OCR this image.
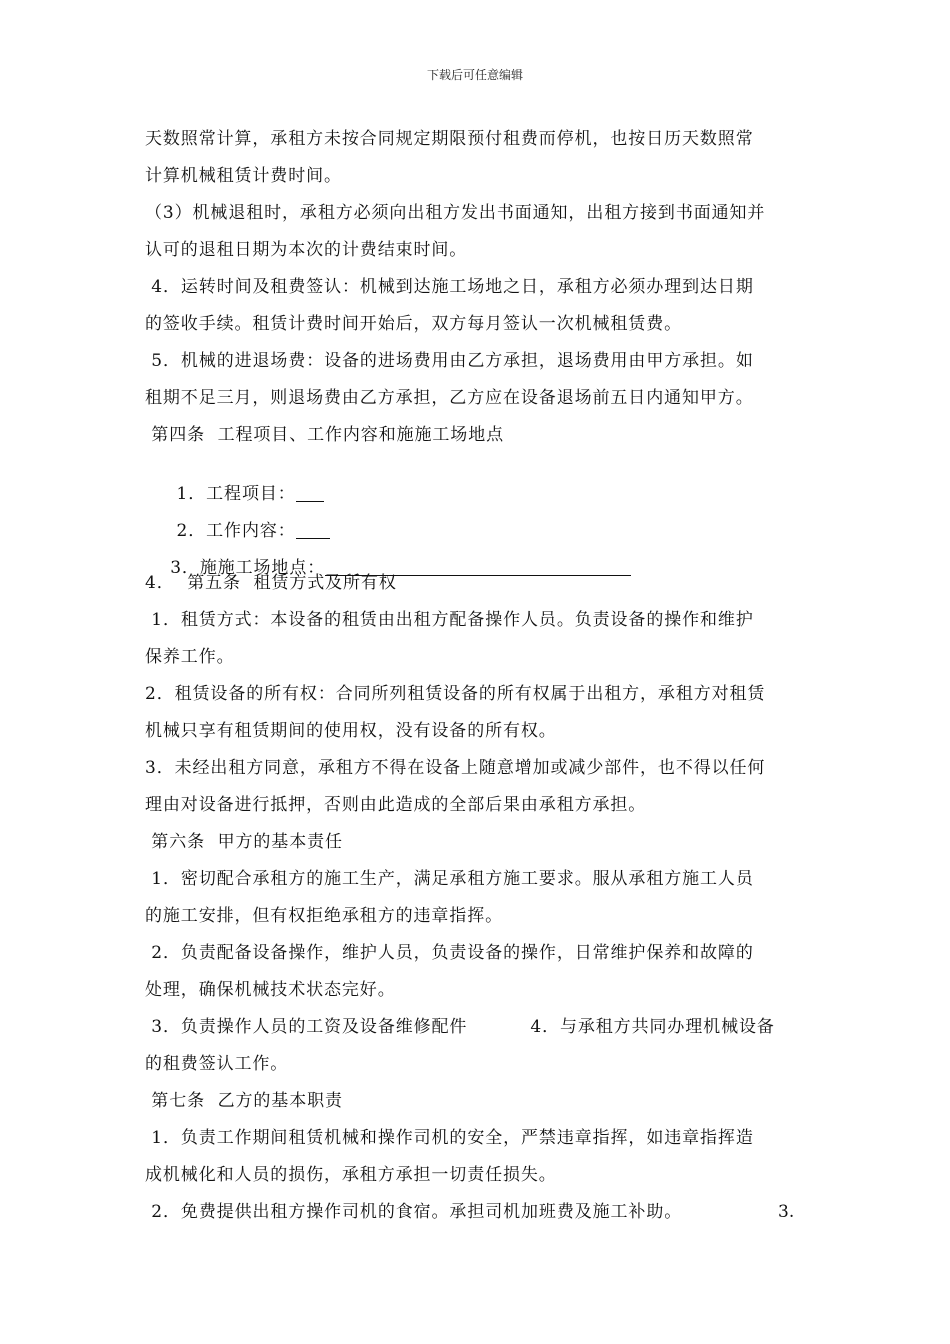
下载后可任意编辑
天数照常计算，承租方未按合同规定期限预付租费而停机，也按日历天数照常
计算机械租赁计费时间。
（3）机械退租时，承租方必须向出租方发出书面通知，出租方接到书面通知并
认可的退租日期为本次的计费结束时间。
4．运转时间及租费签认：机械到达施工场地之日，承租方必须办理到达日期
的签收手续。租赁计费时间开始后，双方每月签认一次机械租赁费。
5．机械的进退场费：设备的进场费用由乙方承担，退场费用由甲方承担。如
租期不足三月，则退场费由乙方承担，乙方应在设备退场前五日内通知甲方。
第四条  工程项目、工作内容和施施工场地点

1．工程项目：

2．工作内容：

3．施施工场地点：

4．  第五条  租赁方式及所有权
1．租赁方式：本设备的租赁由出租方配备操作人员。负责设备的操作和维护
保养工作。
2．租赁设备的所有权：合同所列租赁设备的所有权属于出租方，承租方对租赁
机械只享有租赁期间的使用权，没有设备的所有权。
3．未经出租方同意，承租方不得在设备上随意增加或减少部件，也不得以任何
理由对设备进行抵押，否则由此造成的全部后果由承租方承担。
第六条  甲方的基本责任
1．密切配合承租方的施工生产，满足承租方施工要求。服从承租方施工人员
的施工安排，但有权拒绝承租方的违章指挥。
2．负责配备设备操作，维护人员，负责设备的操作，日常维护保养和故障的
处理，确保机械技术状态完好。
3．负责操作人员的工资及设备维修配件          4．与承租方共同办理机械设备
的租费签认工作。
第七条  乙方的基本职责
1．负责工作期间租赁机械和操作司机的安全，严禁违章指挥，如违章指挥造
成机械化和人员的损伤，承租方承担一切责任损失。
2．免费提供出租方操作司机的食宿。承担司机加班费及施工补助。	3.
